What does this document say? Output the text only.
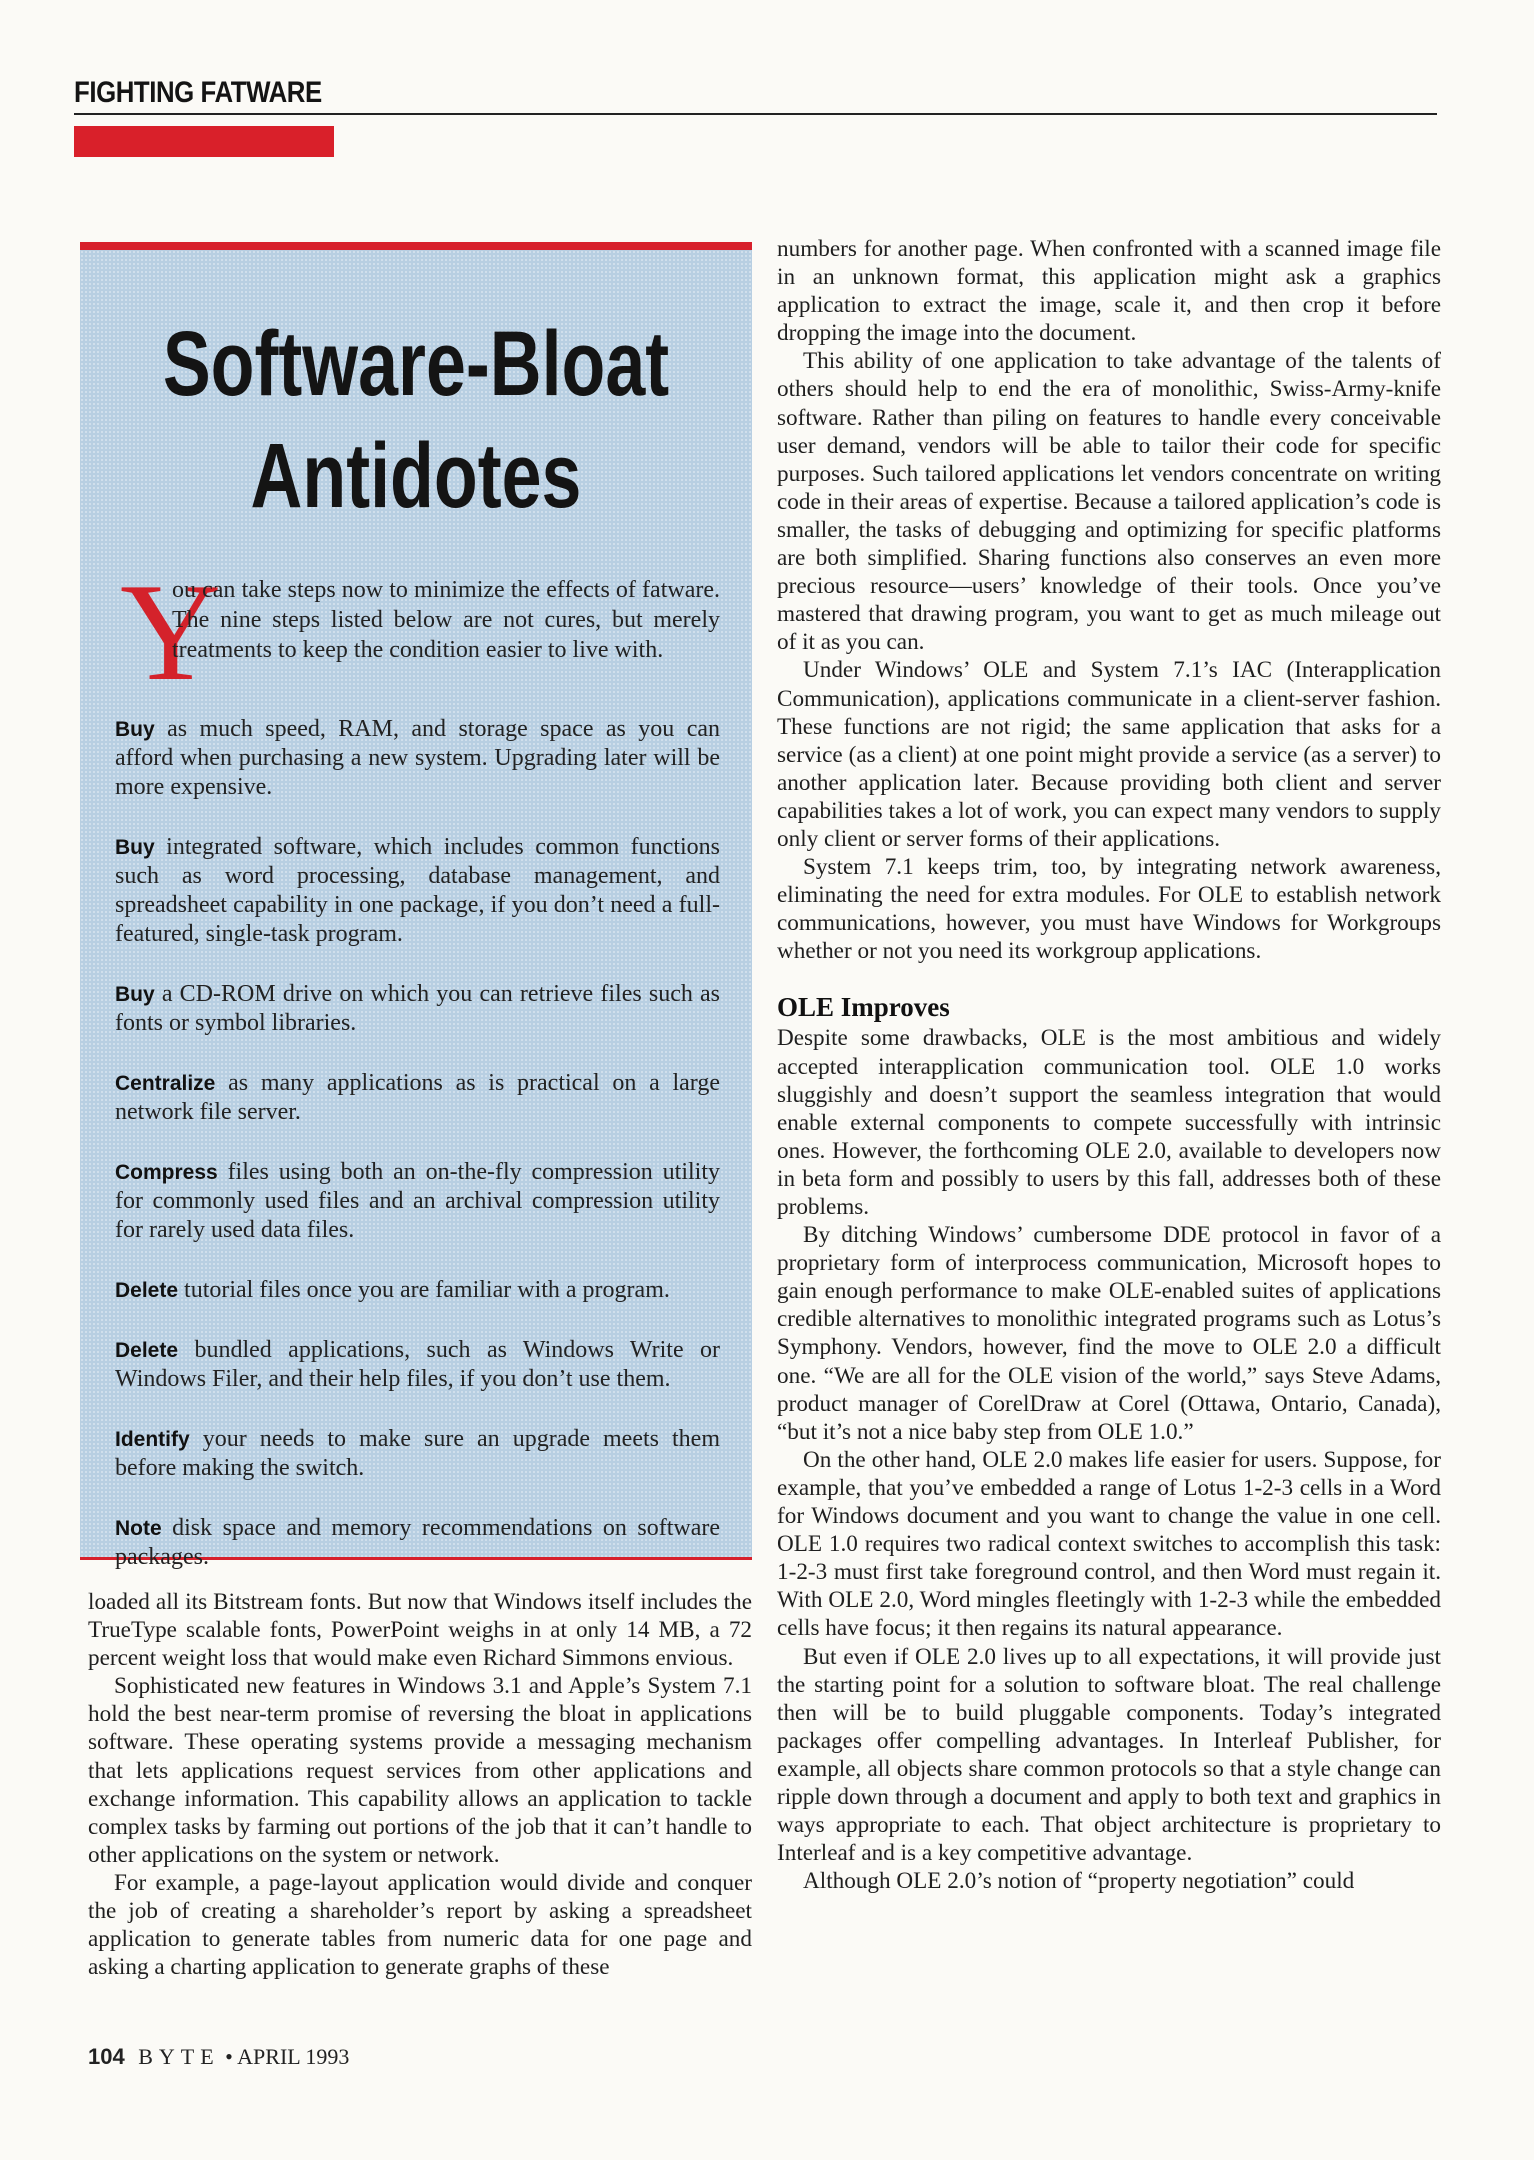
FIGHTING FATWARE
Software-Bloat
Antidotes
Y
ou can take steps now to minimize the effects of fatware. The nine steps listed below are not cures, but merely treatments to keep the condition easier to live with.

Buy as much speed, RAM, and storage space as you can afford when purchasing a new system. Upgrading later will be more expensive.

Buy integrated software, which includes common functions such as word processing, database management, and spreadsheet capability in one package, if you don’t need a full-featured, single-task program.

Buy a CD-ROM drive on which you can retrieve files such as fonts or symbol libraries.

Centralize as many applications as is practical on a large network file server.

Compress files using both an on-the-fly compression utility for commonly used files and an archival compression utility for rarely used data files.

Delete tutorial files once you are familiar with a program.

Delete bundled applications, such as Windows Write or Windows Filer, and their help files, if you don’t use them.

Identify your needs to make sure an upgrade meets them before making the switch.

Note disk space and memory recommendations on software packages.

loaded all its Bitstream fonts. But now that Windows itself includes the TrueType scalable fonts, PowerPoint weighs in at only 14 MB, a 72 percent weight loss that would make even Richard Simmons envious.

Sophisticated new features in Windows 3.1 and Apple’s System 7.1 hold the best near-term promise of reversing the bloat in applications software. These operating systems provide a messaging mechanism that lets applications request services from other applications and exchange information. This capability allows an application to tackle complex tasks by farming out portions of the job that it can’t handle to other applications on the system or network.

For example, a page-layout application would divide and conquer the job of creating a shareholder’s report by asking a spreadsheet application to generate tables from numeric data for one page and asking a charting application to generate graphs of these

numbers for another page. When confronted with a scanned image file in an unknown format, this application might ask a graphics application to extract the image, scale it, and then crop it before dropping the image into the document.

This ability of one application to take advantage of the talents of others should help to end the era of monolithic, Swiss-Army-knife software. Rather than piling on features to handle every conceivable user demand, vendors will be able to tailor their code for specific purposes. Such tailored applications let vendors concentrate on writing code in their areas of expertise. Because a tailored application’s code is smaller, the tasks of debugging and optimizing for specific platforms are both simplified. Sharing functions also conserves an even more precious resource—users’ knowledge of their tools. Once you’ve mastered that drawing program, you want to get as much mileage out of it as you can.

Under Windows’ OLE and System 7.1’s IAC (Interapplication Communication), applications communicate in a client-server fashion. These functions are not rigid; the same application that asks for a service (as a client) at one point might provide a service (as a server) to another application later. Because providing both client and server capabilities takes a lot of work, you can expect many vendors to supply only client or server forms of their applications.

System 7.1 keeps trim, too, by integrating network awareness, eliminating the need for extra modules. For OLE to establish network communications, however, you must have Windows for Workgroups whether or not you need its workgroup applications.

OLE Improves

Despite some drawbacks, OLE is the most ambitious and widely accepted interapplication communication tool. OLE 1.0 works sluggishly and doesn’t support the seamless integration that would enable external components to compete successfully with intrinsic ones. However, the forthcoming OLE 2.0, available to developers now in beta form and possibly to users by this fall, addresses both of these problems.

By ditching Windows’ cumbersome DDE protocol in favor of a proprietary form of interprocess communication, Microsoft hopes to gain enough performance to make OLE-enabled suites of applications credible alternatives to monolithic integrated programs such as Lotus’s Symphony. Vendors, however, find the move to OLE 2.0 a difficult one. “We are all for the OLE vision of the world,” says Steve Adams, product manager of CorelDraw at Corel (Ottawa, Ontario, Canada), “but it’s not a nice baby step from OLE 1.0.”

On the other hand, OLE 2.0 makes life easier for users. Suppose, for example, that you’ve embedded a range of Lotus 1-2-3 cells in a Word for Windows document and you want to change the value in one cell. OLE 1.0 requires two radical context switches to accomplish this task: 1-2-3 must first take foreground control, and then Word must regain it. With OLE 2.0, Word mingles fleetingly with 1-2-3 while the embedded cells have focus; it then regains its natural appearance.

But even if OLE 2.0 lives up to all expectations, it will provide just the starting point for a solution to software bloat. The real challenge then will be to build pluggable components. Today’s integrated packages offer compelling advantages. In Interleaf Publisher, for example, all objects share common protocols so that a style change can ripple down through a document and apply to both text and graphics in ways appropriate to each. That object architecture is proprietary to Interleaf and is a key competitive advantage.

Although OLE 2.0’s notion of “property negotiation” could

104 BYTE • APRIL 1993
